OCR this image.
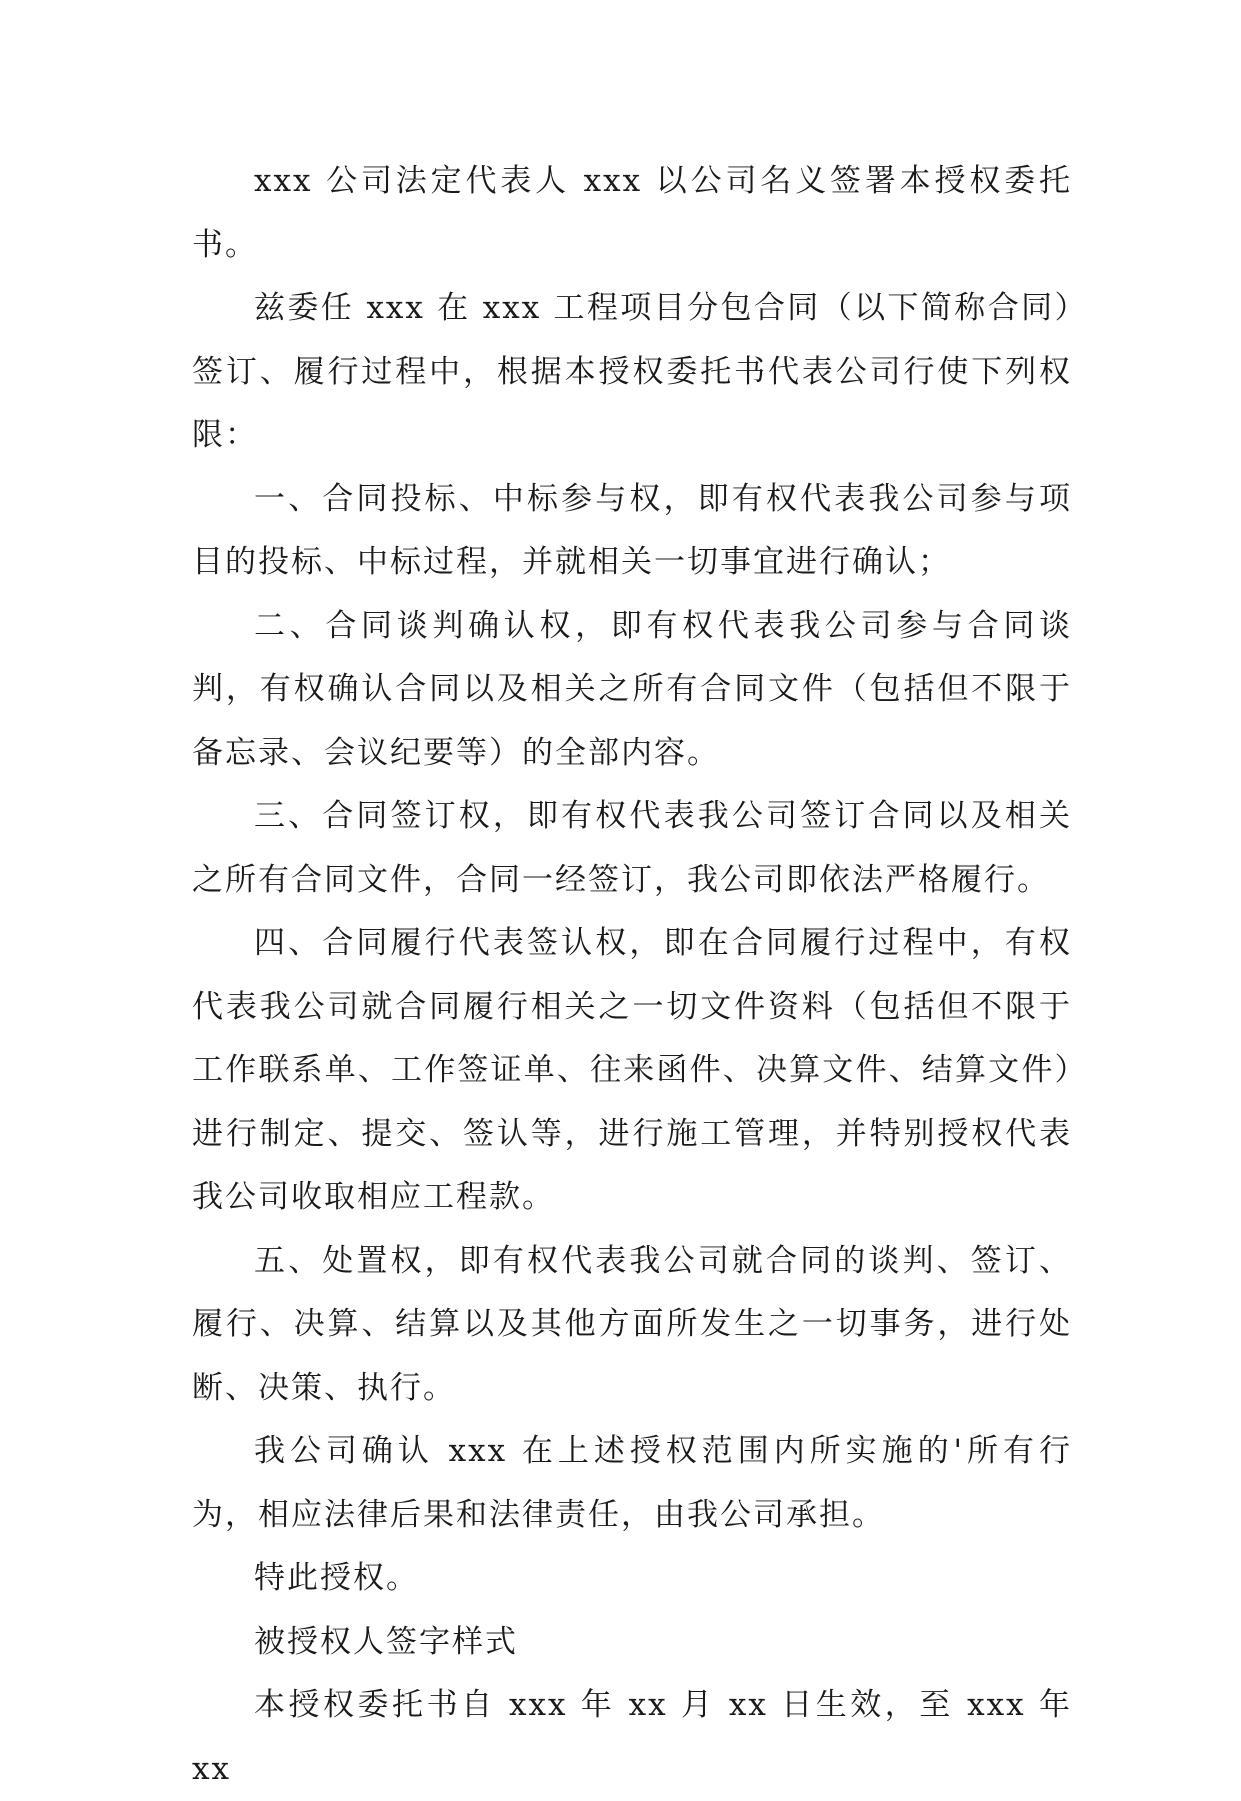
xxx 公司法定代表人 xxx 以公司名义签署本授权委托书。

兹委任 xxx 在 xxx 工程项目分包合同（以下简称合同）签订、履行过程中，根据本授权委托书代表公司行使下列权限：

一、合同投标、中标参与权，即有权代表我公司参与项目的投标、中标过程，并就相关一切事宜进行确认；

二、合同谈判确认权，即有权代表我公司参与合同谈判，有权确认合同以及相关之所有合同文件（包括但不限于备忘录、会议纪要等）的全部内容。

三、合同签订权，即有权代表我公司签订合同以及相关之所有合同文件，合同一经签订，我公司即依法严格履行。

四、合同履行代表签认权，即在合同履行过程中，有权代表我公司就合同履行相关之一切文件资料（包括但不限于工作联系单、工作签证单、往来函件、决算文件、结算文件）进行制定、提交、签认等，进行施工管理，并特别授权代表我公司收取相应工程款。

五、处置权，即有权代表我公司就合同的谈判、签订、履行、决算、结算以及其他方面所发生之一切事务，进行处断、决策、执行。

我公司确认 xxx 在上述授权范围内所实施的'所有行为，相应法律后果和法律责任，由我公司承担。

特此授权。

被授权人签字样式

本授权委托书自 xxx 年 xx 月 xx 日生效，至 xxx 年 xx
